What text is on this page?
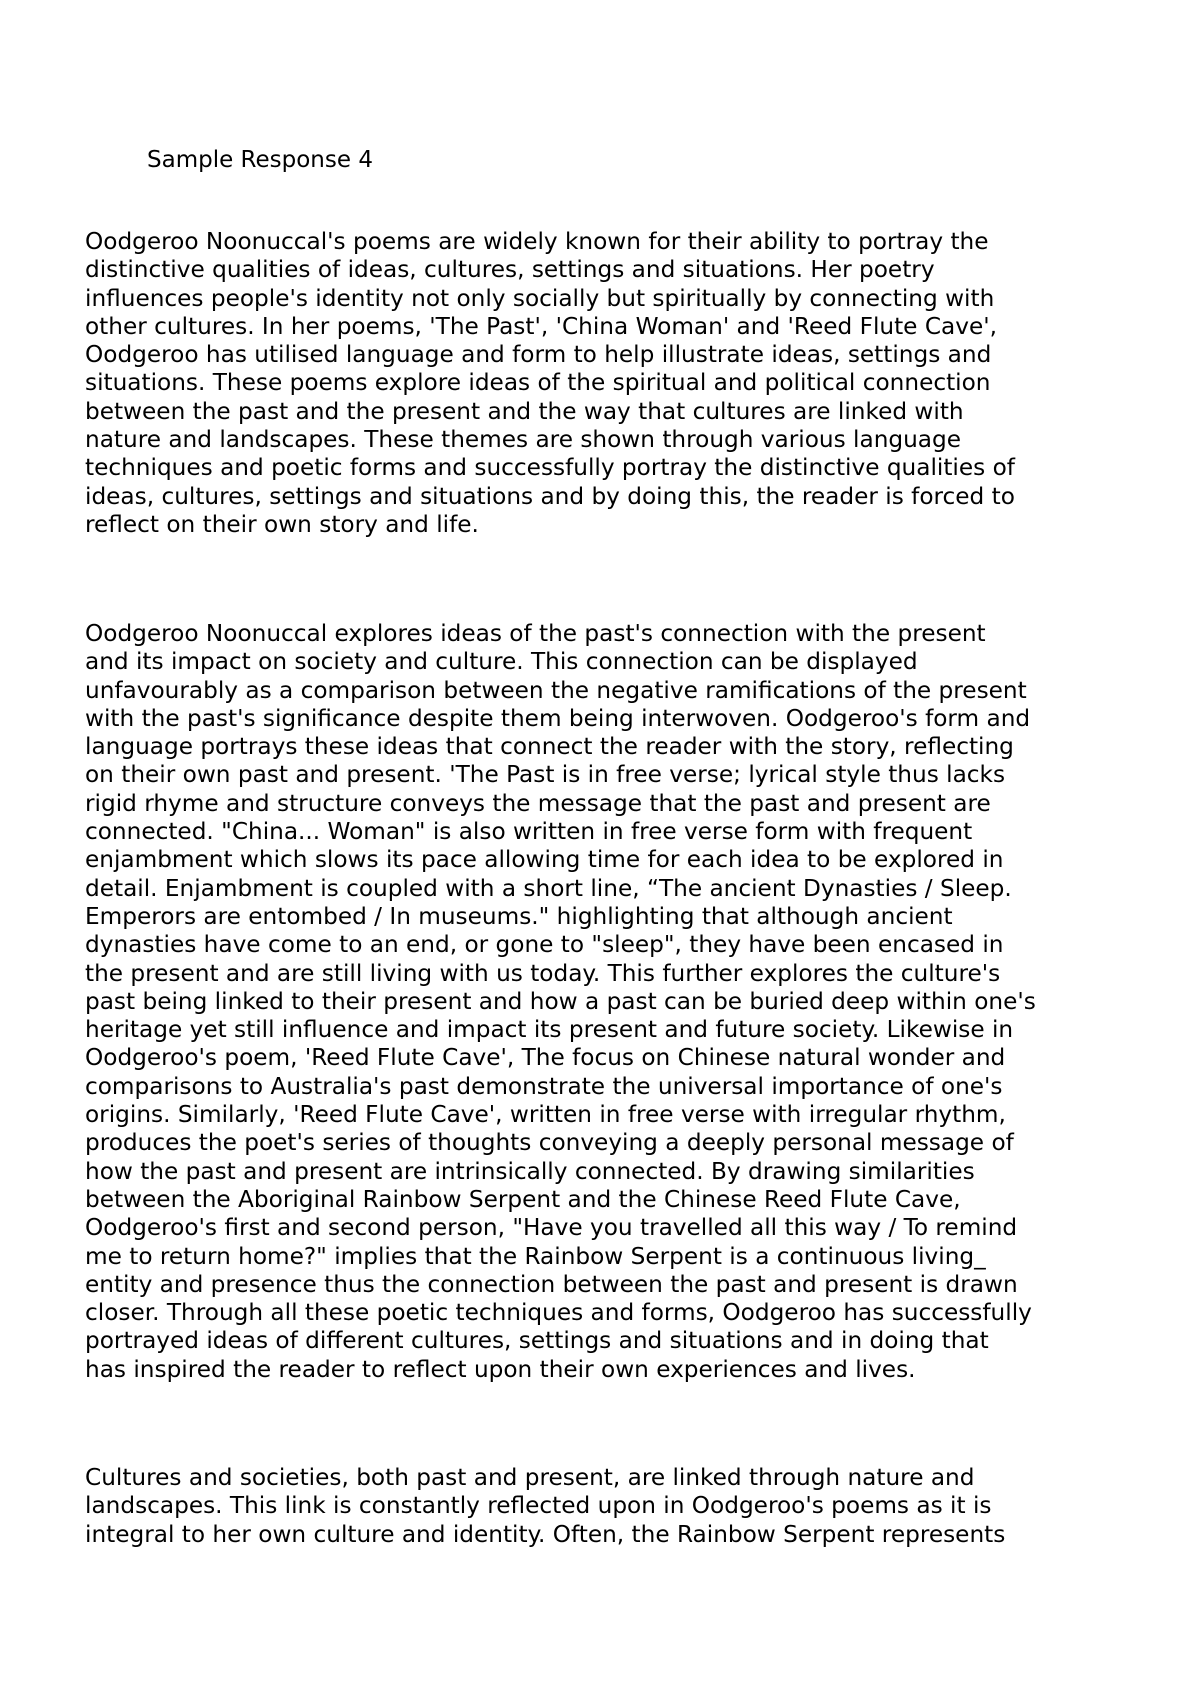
Sample Response 4
Oodgeroo Noonuccal's poems are widely known for their ability to portray the
distinctive qualities of ideas, cultures, settings and situations. Her poetry
influences people's identity not only socially but spiritually by connecting with
other cultures. In her poems, 'The Past', 'China Woman' and 'Reed Flute Cave',
Oodgeroo has utilised language and form to help illustrate ideas, settings and
situations. These poems explore ideas of the spiritual and political connection
between the past and the present and the way that cultures are linked with
nature and landscapes. These themes are shown through various language
techniques and poetic forms and successfully portray the distinctive qualities of
ideas, cultures, settings and situations and by doing this, the reader is forced to
reflect on their own story and life.
Oodgeroo Noonuccal explores ideas of the past's connection with the present
and its impact on society and culture. This connection can be displayed
unfavourably as a comparison between the negative ramifications of the present
with the past's significance despite them being interwoven. Oodgeroo's form and
language portrays these ideas that connect the reader with the story, reflecting
on their own past and present. 'The Past is in free verse; lyrical style thus lacks
rigid rhyme and structure conveys the message that the past and present are
connected. "China... Woman" is also written in free verse form with frequent
enjambment which slows its pace allowing time for each idea to be explored in
detail. Enjambment is coupled with a short line, “The ancient Dynasties / Sleep.
Emperors are entombed / In museums." highlighting that although ancient
dynasties have come to an end, or gone to "sleep", they have been encased in
the present and are still living with us today. This further explores the culture's
past being linked to their present and how a past can be buried deep within one's
heritage yet still influence and impact its present and future society. Likewise in
Oodgeroo's poem, 'Reed Flute Cave', The focus on Chinese natural wonder and
comparisons to Australia's past demonstrate the universal importance of one's
origins. Similarly, 'Reed Flute Cave', written in free verse with irregular rhythm,
produces the poet's series of thoughts conveying a deeply personal message of
how the past and present are intrinsically connected. By drawing similarities
between the Aboriginal Rainbow Serpent and the Chinese Reed Flute Cave,
Oodgeroo's first and second person, "Have you travelled all this way / To remind
me to return home?" implies that the Rainbow Serpent is a continuous living_
entity and presence thus the connection between the past and present is drawn
closer. Through all these poetic techniques and forms, Oodgeroo has successfully
portrayed ideas of different cultures, settings and situations and in doing that
has inspired the reader to reflect upon their own experiences and lives.
Cultures and societies, both past and present, are linked through nature and
landscapes. This link is constantly reflected upon in Oodgeroo's poems as it is
integral to her own culture and identity. Often, the Rainbow Serpent represents
